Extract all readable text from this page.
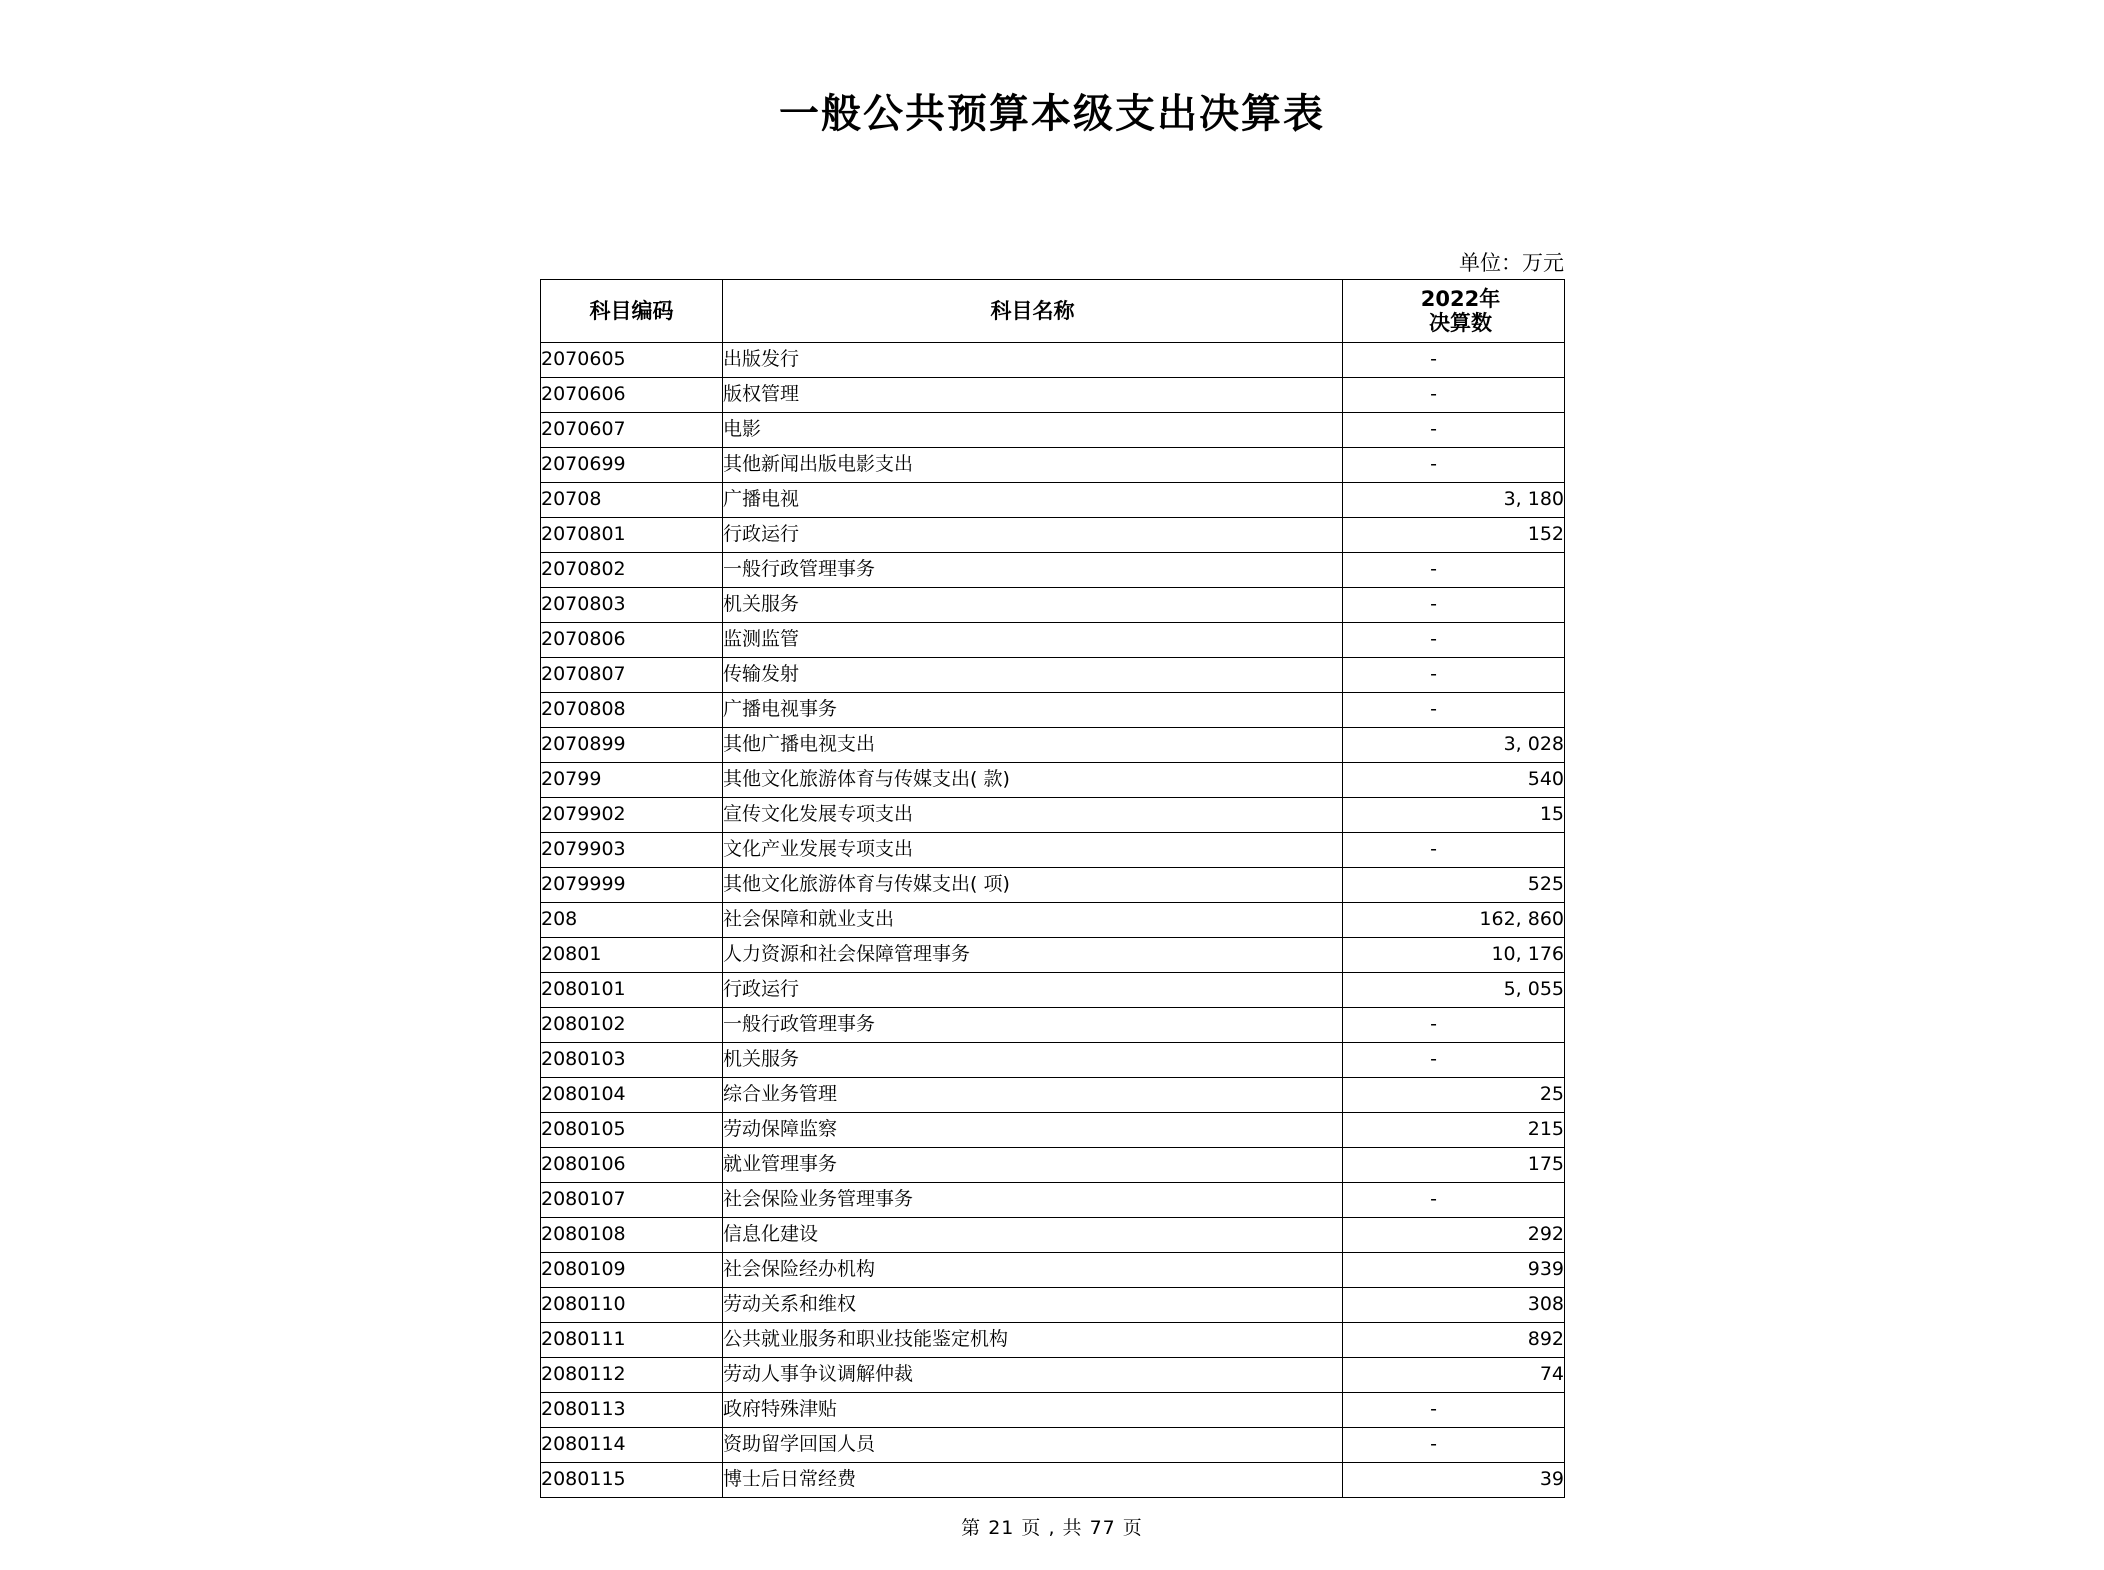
一般公共预算本级支出决算表
单位：万元
科目编码	科目名称	2022年
决算数

2070605	出版发行	-
2070606	版权管理	-
2070607	电影	-
2070699	其他新闻出版电影支出	-
20708	广播电视	3, 180
2070801	行政运行	152
2070802	一般行政管理事务	-
2070803	机关服务	-
2070806	监测监管	-
2070807	传输发射	-
2070808	广播电视事务	-
2070899	其他广播电视支出	3, 028
20799	其他文化旅游体育与传媒支出( 款)	540
2079902	宣传文化发展专项支出	15
2079903	文化产业发展专项支出	-
2079999	其他文化旅游体育与传媒支出( 项)	525
208	社会保障和就业支出	162, 860
20801	人力资源和社会保障管理事务	10, 176
2080101	行政运行	5, 055
2080102	一般行政管理事务	-
2080103	机关服务	-
2080104	综合业务管理	25
2080105	劳动保障监察	215
2080106	就业管理事务	175
2080107	社会保险业务管理事务	-
2080108	信息化建设	292
2080109	社会保险经办机构	939
2080110	劳动关系和维权	308
2080111	公共就业服务和职业技能鉴定机构	892
2080112	劳动人事争议调解仲裁	74
2080113	政府特殊津贴	-
2080114	资助留学回国人员	-
2080115	博士后日常经费	39
第 21 页 , 共 77 页
